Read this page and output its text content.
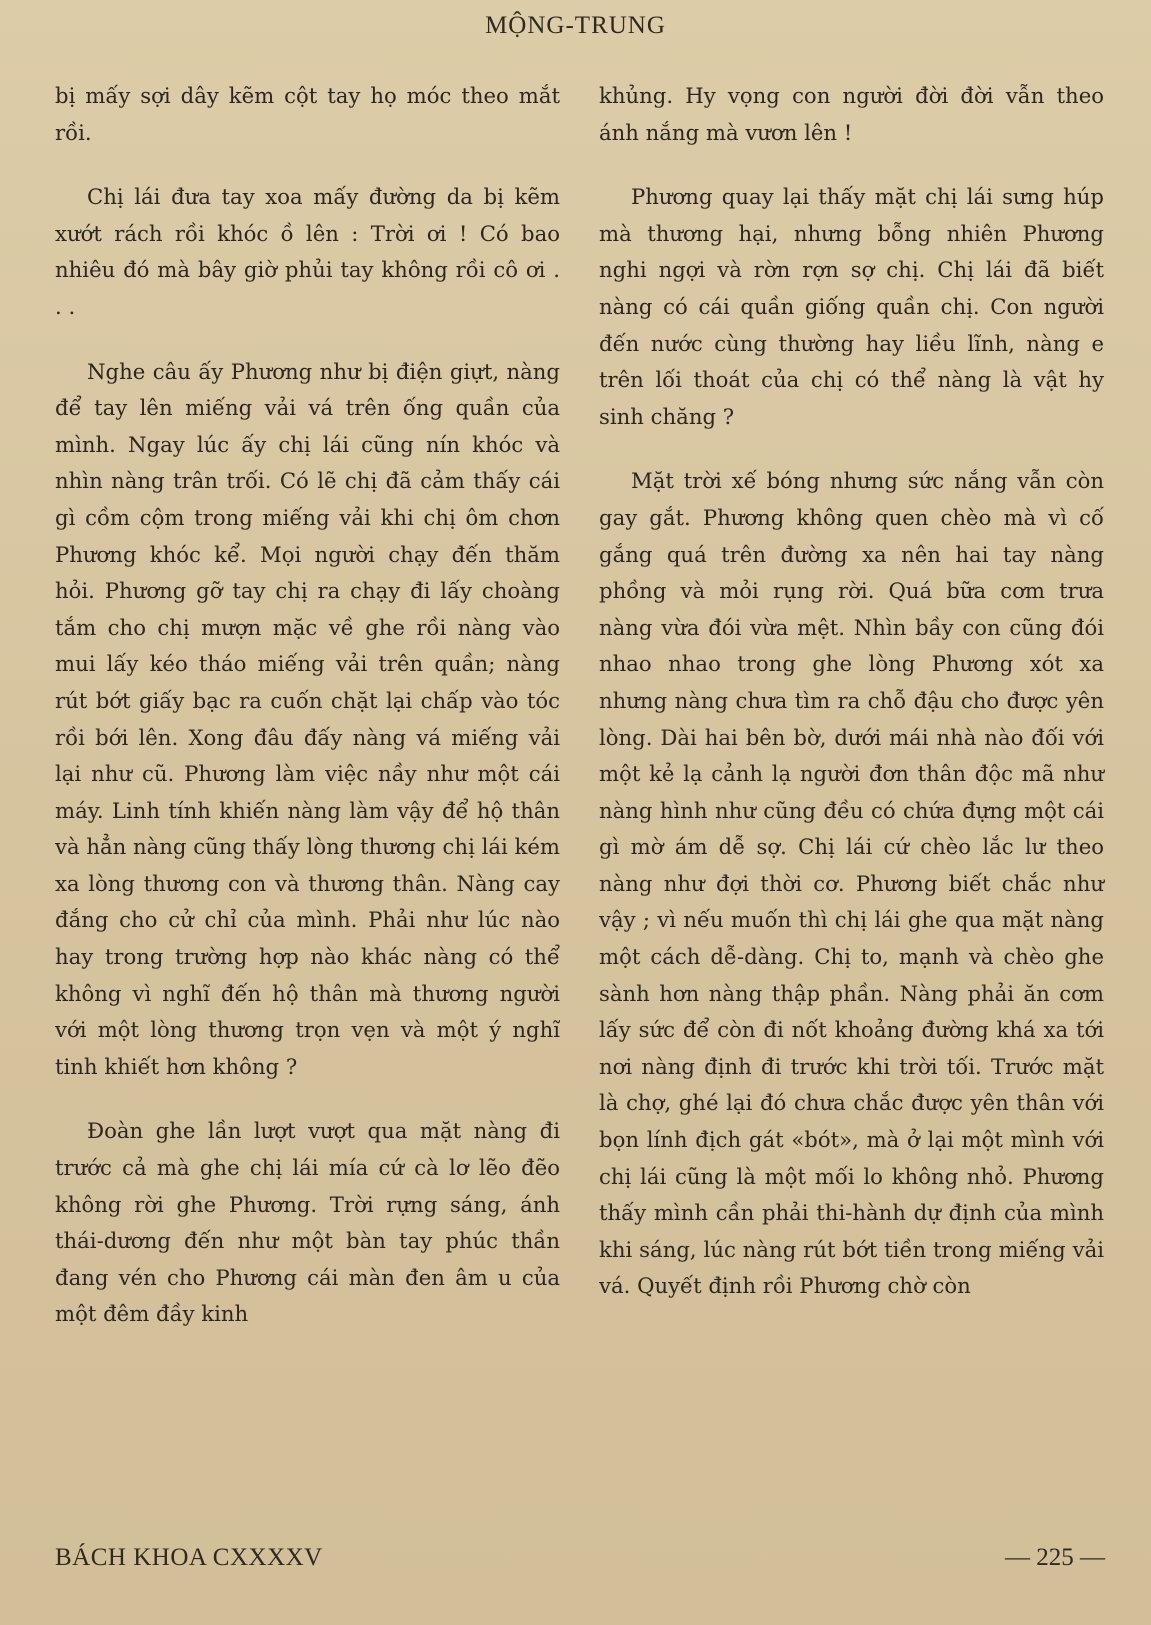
MỘNG-TRUNG

bị mấy sợi dây kẽm cột tay họ móc theo mắt rồi.

Chị lái đưa tay xoa mấy đường da bị kẽm xướt rách rồi khóc ồ lên : Trời ơi ! Có bao nhiêu đó mà bây giờ phủi tay không rồi cô ơi . . .

Nghe câu ấy Phương như bị điện giựt, nàng để tay lên miếng vải vá trên ống quần của mình. Ngay lúc ấy chị lái cũng nín khóc và nhìn nàng trân trối. Có lẽ chị đã cảm thấy cái gì cồm cộm trong miếng vải khi chị ôm chơn Phương khóc kể. Mọi người chạy đến thăm hỏi. Phương gỡ tay chị ra chạy đi lấy choàng tắm cho chị mượn mặc về ghe rồi nàng vào mui lấy kéo tháo miếng vải trên quần; nàng rút bớt giấy bạc ra cuốn chặt lại chấp vào tóc rồi bới lên. Xong đâu đấy nàng vá miếng vải lại như cũ. Phương làm việc nầy như một cái máy. Linh tính khiến nàng làm vậy để hộ thân và hẳn nàng cũng thấy lòng thương chị lái kém xa lòng thương con và thương thân. Nàng cay đắng cho cử chỉ của mình. Phải như lúc nào hay trong trường hợp nào khác nàng có thể không vì nghĩ đến hộ thân mà thương người với một lòng thương trọn vẹn và một ý nghĩ tinh khiết hơn không ?

Đoàn ghe lần lượt vượt qua mặt nàng đi trước cả mà ghe chị lái mía cứ cà lơ lẽo đẽo không rời ghe Phương. Trời rựng sáng, ánh thái-dương đến như một bàn tay phúc thần đang vén cho Phương cái màn đen âm u của một đêm đầy kinh

khủng. Hy vọng con người đời đời vẫn theo ánh nắng mà vươn lên !

Phương quay lại thấy mặt chị lái sưng húp mà thương hại, nhưng bỗng nhiên Phương nghi ngợi và rờn rợn sợ chị. Chị lái đã biết nàng có cái quần giống quần chị. Con người đến nước cùng thường hay liều lĩnh, nàng e trên lối thoát của chị có thể nàng là vật hy sinh chăng ?

Mặt trời xế bóng nhưng sức nắng vẫn còn gay gắt. Phương không quen chèo mà vì cố gắng quá trên đường xa nên hai tay nàng phồng và mỏi rụng rời. Quá bữa cơm trưa nàng vừa đói vừa mệt. Nhìn bầy con cũng đói nhao nhao trong ghe lòng Phương xót xa nhưng nàng chưa tìm ra chỗ đậu cho được yên lòng. Dài hai bên bờ, dưới mái nhà nào đối với một kẻ lạ cảnh lạ người đơn thân độc mã như nàng hình như cũng đều có chứa đựng một cái gì mờ ám dễ sợ. Chị lái cứ chèo lắc lư theo nàng như đợi thời cơ. Phương biết chắc như vậy ; vì nếu muốn thì chị lái ghe qua mặt nàng một cách dễ-dàng. Chị to, mạnh và chèo ghe sành hơn nàng thập phần. Nàng phải ăn cơm lấy sức để còn đi nốt khoảng đường khá xa tới nơi nàng định đi trước khi trời tối. Trước mặt là chợ, ghé lại đó chưa chắc được yên thân với bọn lính địch gát «bót», mà ở lại một mình với chị lái cũng là một mối lo không nhỏ. Phương thấy mình cần phải thi-hành dự định của mình khi sáng, lúc nàng rút bớt tiền trong miếng vải vá. Quyết định rồi Phương chờ còn

BÁCH KHOA CXXXXV	— 225 —
